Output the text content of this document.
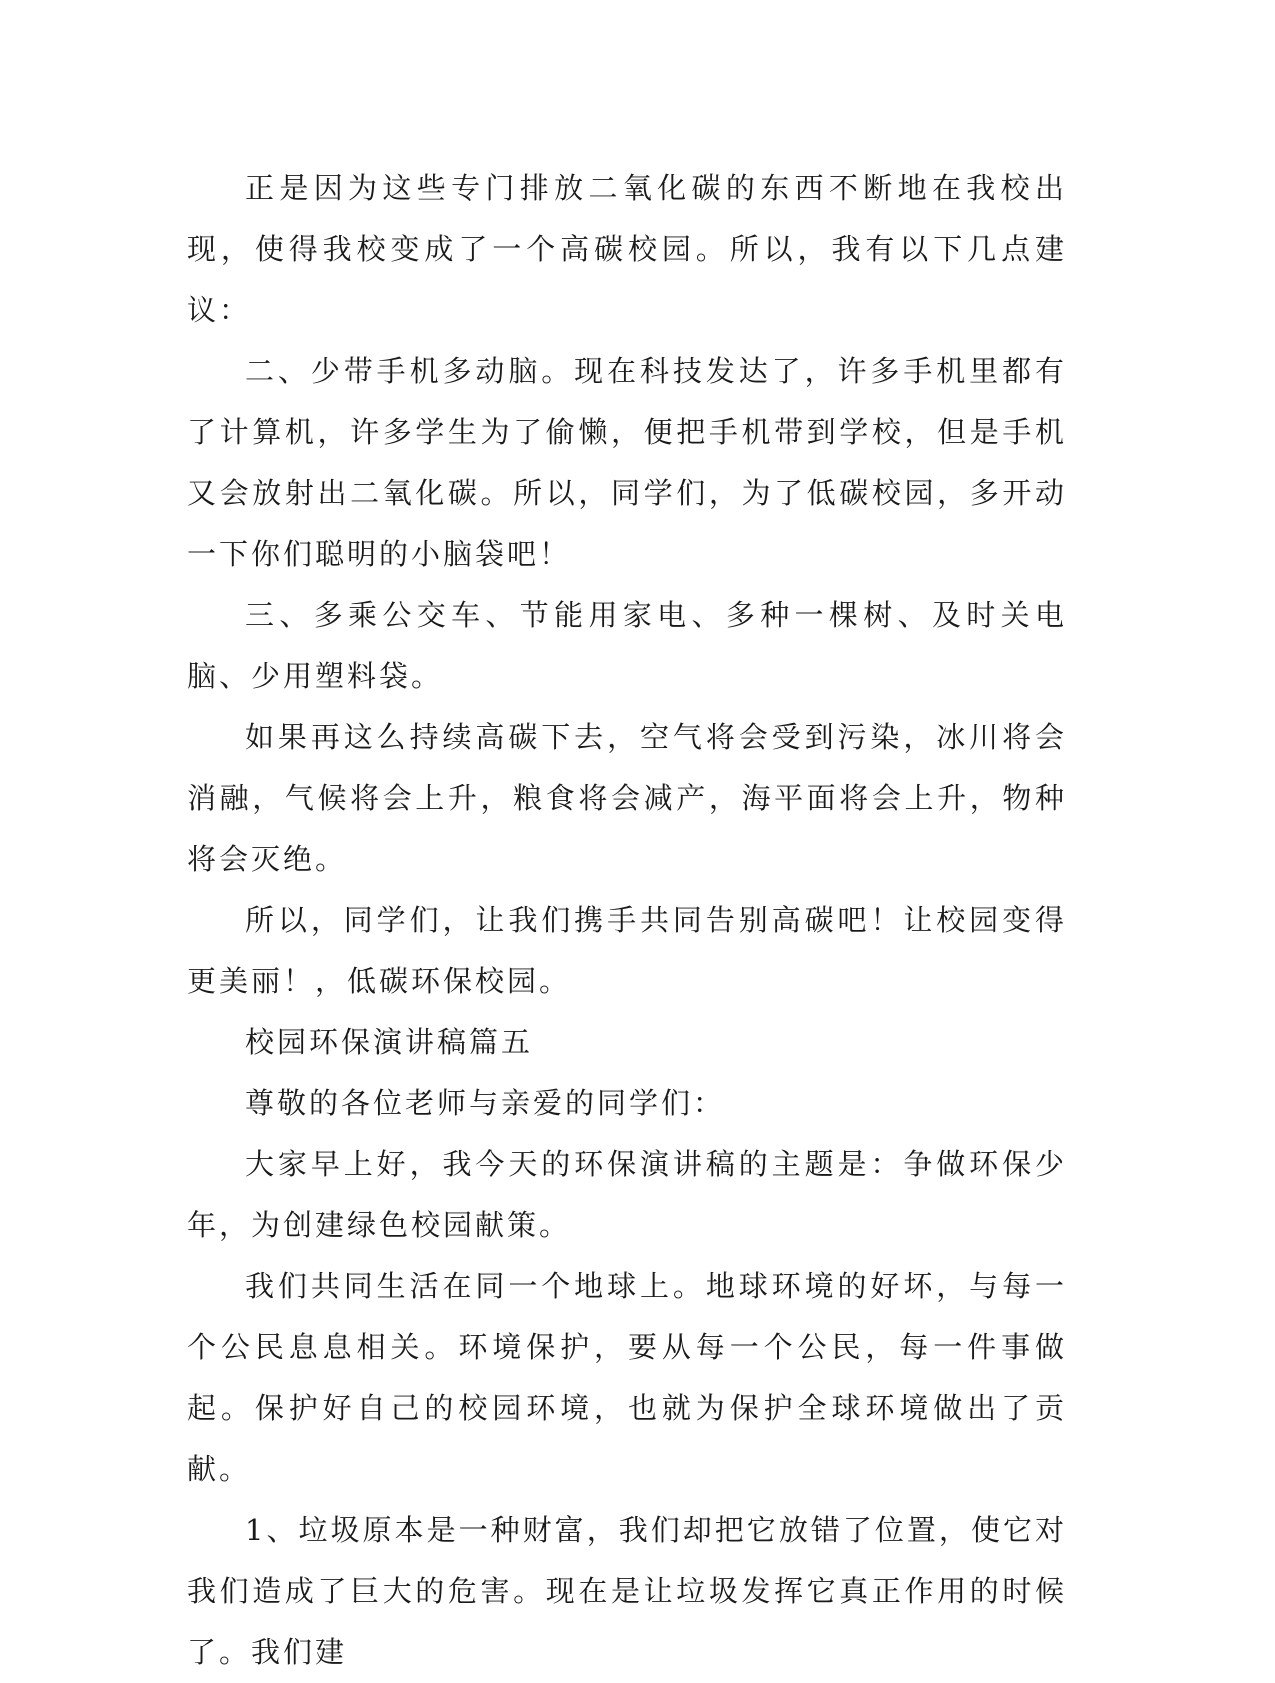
正是因为这些专门排放二氧化碳的东西不断地在我校出现，使得我校变成了一个高碳校园。所以，我有以下几点建议：

二、少带手机多动脑。现在科技发达了，许多手机里都有了计算机，许多学生为了偷懒，便把手机带到学校，但是手机又会放射出二氧化碳。所以，同学们，为了低碳校园，多开动一下你们聪明的小脑袋吧！

三、多乘公交车、节能用家电、多种一棵树、及时关电脑、少用塑料袋。

如果再这么持续高碳下去，空气将会受到污染，冰川将会消融，气候将会上升，粮食将会减产，海平面将会上升，物种将会灭绝。

所以，同学们，让我们携手共同告别高碳吧！让校园变得更美丽！，低碳环保校园。

校园环保演讲稿篇五

尊敬的各位老师与亲爱的同学们：

大家早上好，我今天的环保演讲稿的主题是：争做环保少年，为创建绿色校园献策。

我们共同生活在同一个地球上。地球环境的好坏，与每一个公民息息相关。环境保护，要从每一个公民，每一件事做起。保护好自己的校园环境，也就为保护全球环境做出了贡献。

1、垃圾原本是一种财富，我们却把它放错了位置，使它对我们造成了巨大的危害。现在是让垃圾发挥它真正作用的时候了。我们建
